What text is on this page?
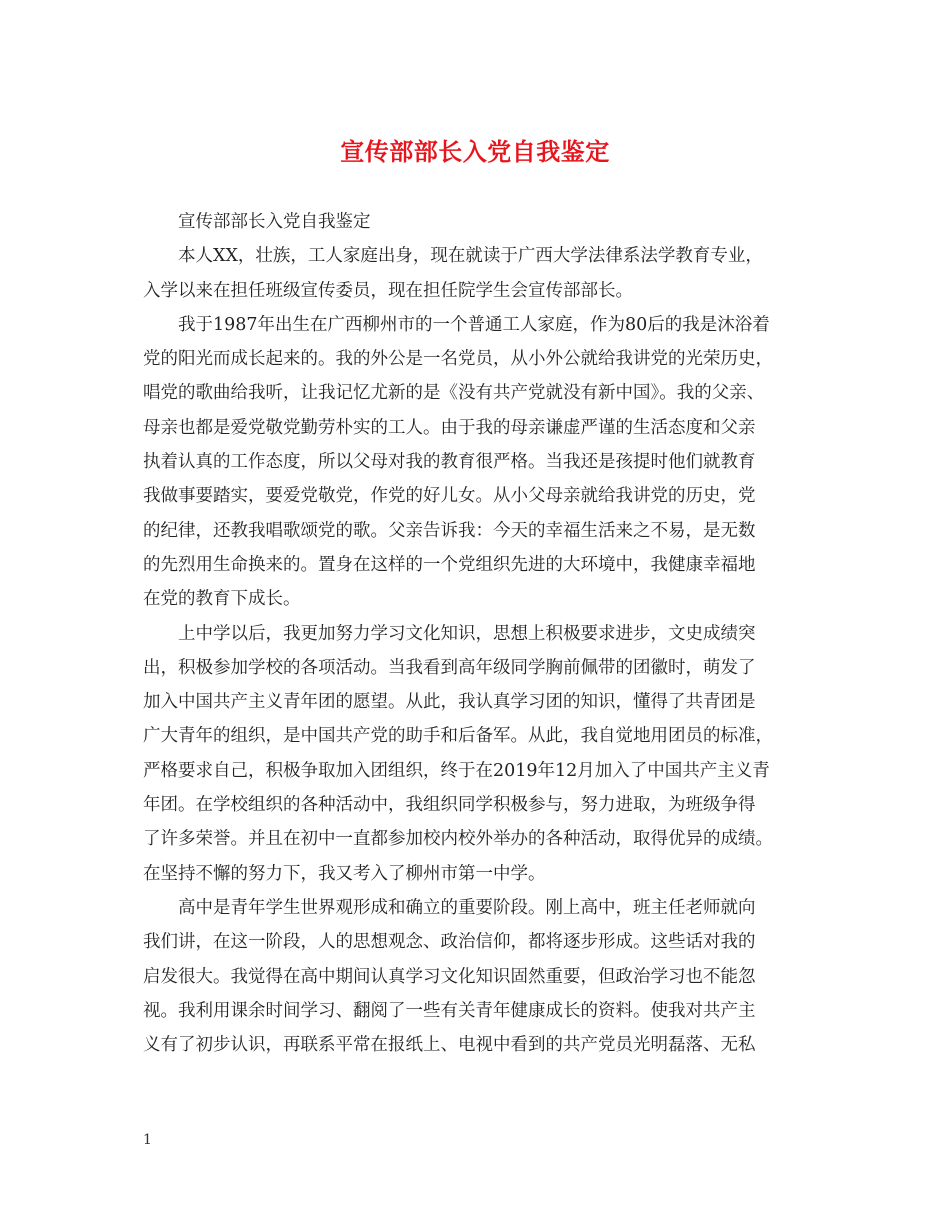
宣传部部长入党自我鉴定
宣传部部长入党自我鉴定
本人XX，壮族，工人家庭出身，现在就读于广西大学法律系法学教育专业，
入学以来在担任班级宣传委员，现在担任院学生会宣传部部长。
我于1987年出生在广西柳州市的一个普通工人家庭，作为80后的我是沐浴着
党的阳光而成长起来的。我的外公是一名党员，从小外公就给我讲党的光荣历史，
唱党的歌曲给我听，让我记忆尤新的是《没有共产党就没有新中国》。我的父亲、
母亲也都是爱党敬党勤劳朴实的工人。由于我的母亲谦虚严谨的生活态度和父亲
执着认真的工作态度，所以父母对我的教育很严格。当我还是孩提时他们就教育
我做事要踏实，要爱党敬党，作党的好儿女。从小父母亲就给我讲党的历史，党
的纪律，还教我唱歌颂党的歌。父亲告诉我：今天的幸福生活来之不易，是无数
的先烈用生命换来的。置身在这样的一个党组织先进的大环境中，我健康幸福地
在党的教育下成长。
上中学以后，我更加努力学习文化知识，思想上积极要求进步，文史成绩突
出，积极参加学校的各项活动。当我看到高年级同学胸前佩带的团徽时，萌发了
加入中国共产主义青年团的愿望。从此，我认真学习团的知识，懂得了共青团是
广大青年的组织，是中国共产党的助手和后备军。从此，我自觉地用团员的标准，
严格要求自己，积极争取加入团组织，终于在2019年12月加入了中国共产主义青
年团。在学校组织的各种活动中，我组织同学积极参与，努力进取，为班级争得
了许多荣誉。并且在初中一直都参加校内校外举办的各种活动，取得优异的成绩。
在坚持不懈的努力下，我又考入了柳州市第一中学。
高中是青年学生世界观形成和确立的重要阶段。刚上高中，班主任老师就向
我们讲，在这一阶段，人的思想观念、政治信仰，都将逐步形成。这些话对我的
启发很大。我觉得在高中期间认真学习文化知识固然重要，但政治学习也不能忽
视。我利用课余时间学习、翻阅了一些有关青年健康成长的资料。使我对共产主
义有了初步认识，再联系平常在报纸上、电视中看到的共产党员光明磊落、无私
1
